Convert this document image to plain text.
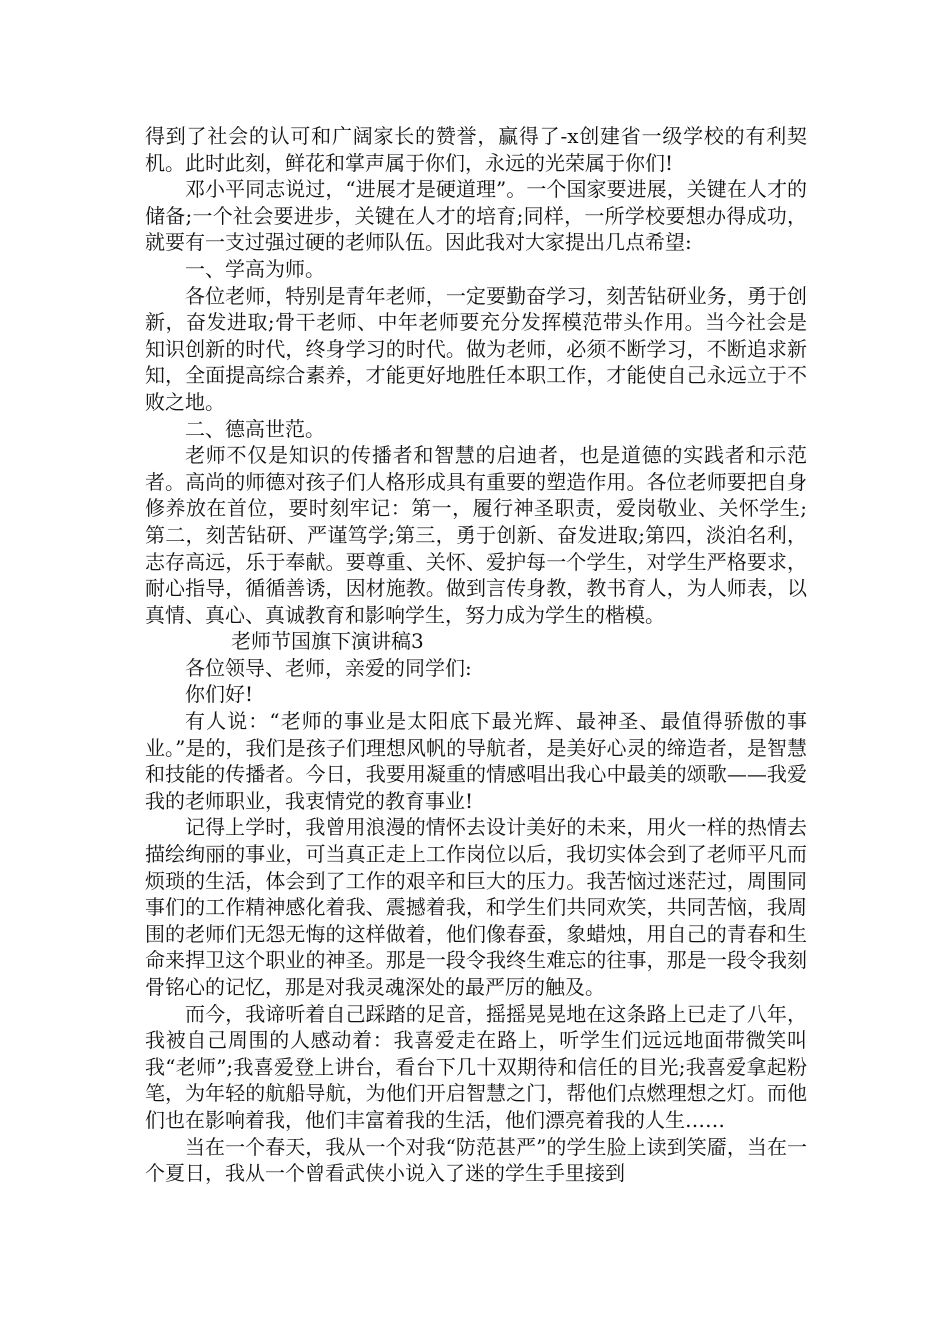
得到了社会的认可和广阔家长的赞誉，赢得了-x创建省一级学校的有利契机。此时此刻，鲜花和掌声属于你们，永远的光荣属于你们!

邓小平同志说过，“进展才是硬道理”。一个国家要进展，关键在人才的储备;一个社会要进步，关键在人才的培育;同样，一所学校要想办得成功，就要有一支过强过硬的老师队伍。因此我对大家提出几点希望:

一、学高为师。

各位老师，特别是青年老师，一定要勤奋学习，刻苦钻研业务，勇于创新，奋发进取;骨干老师、中年老师要充分发挥模范带头作用。当今社会是知识创新的时代，终身学习的时代。做为老师，必须不断学习，不断追求新知，全面提高综合素养，才能更好地胜任本职工作，才能使自己永远立于不败之地。

二、德高世范。

老师不仅是知识的传播者和智慧的启迪者，也是道德的实践者和示范者。高尚的师德对孩子们人格形成具有重要的塑造作用。各位老师要把自身修养放在首位，要时刻牢记：第一，履行神圣职责，爱岗敬业、关怀学生;第二，刻苦钻研、严谨笃学;第三，勇于创新、奋发进取;第四，淡泊名利，志存高远，乐于奉献。要尊重、关怀、爱护每一个学生，对学生严格要求，耐心指导，循循善诱，因材施教。做到言传身教，教书育人，为人师表，以真情、真心、真诚教育和影响学生，努力成为学生的楷模。

老师节国旗下演讲稿3

各位领导、老师，亲爱的同学们:

你们好!

有人说：“老师的事业是太阳底下最光辉、最神圣、最值得骄傲的事业。”是的，我们是孩子们理想风帆的导航者，是美好心灵的缔造者，是智慧和技能的传播者。今日，我要用凝重的情感唱出我心中最美的颂歌——我爱我的老师职业，我衷情党的教育事业!

记得上学时，我曾用浪漫的情怀去设计美好的未来，用火一样的热情去描绘绚丽的事业，可当真正走上工作岗位以后，我切实体会到了老师平凡而烦琐的生活，体会到了工作的艰辛和巨大的压力。我苦恼过迷茫过，周围同事们的工作精神感化着我、震撼着我，和学生们共同欢笑，共同苦恼，我周围的老师们无怨无悔的这样做着，他们像春蚕，象蜡烛，用自己的青春和生命来捍卫这个职业的神圣。那是一段令我终生难忘的往事，那是一段令我刻骨铭心的记忆，那是对我灵魂深处的最严厉的触及。

而今，我谛听着自己踩踏的足音，摇摇晃晃地在这条路上已走了八年，我被自己周围的人感动着：我喜爱走在路上，听学生们远远地面带微笑叫我“老师”;我喜爱登上讲台，看台下几十双期待和信任的目光;我喜爱拿起粉笔，为年轻的航船导航，为他们开启智慧之门，帮他们点燃理想之灯。而他们也在影响着我，他们丰富着我的生活，他们漂亮着我的人生……

当在一个春天，我从一个对我“防范甚严”的学生脸上读到笑靥，当在一个夏日，我从一个曾看武侠小说入了迷的学生手里接到
